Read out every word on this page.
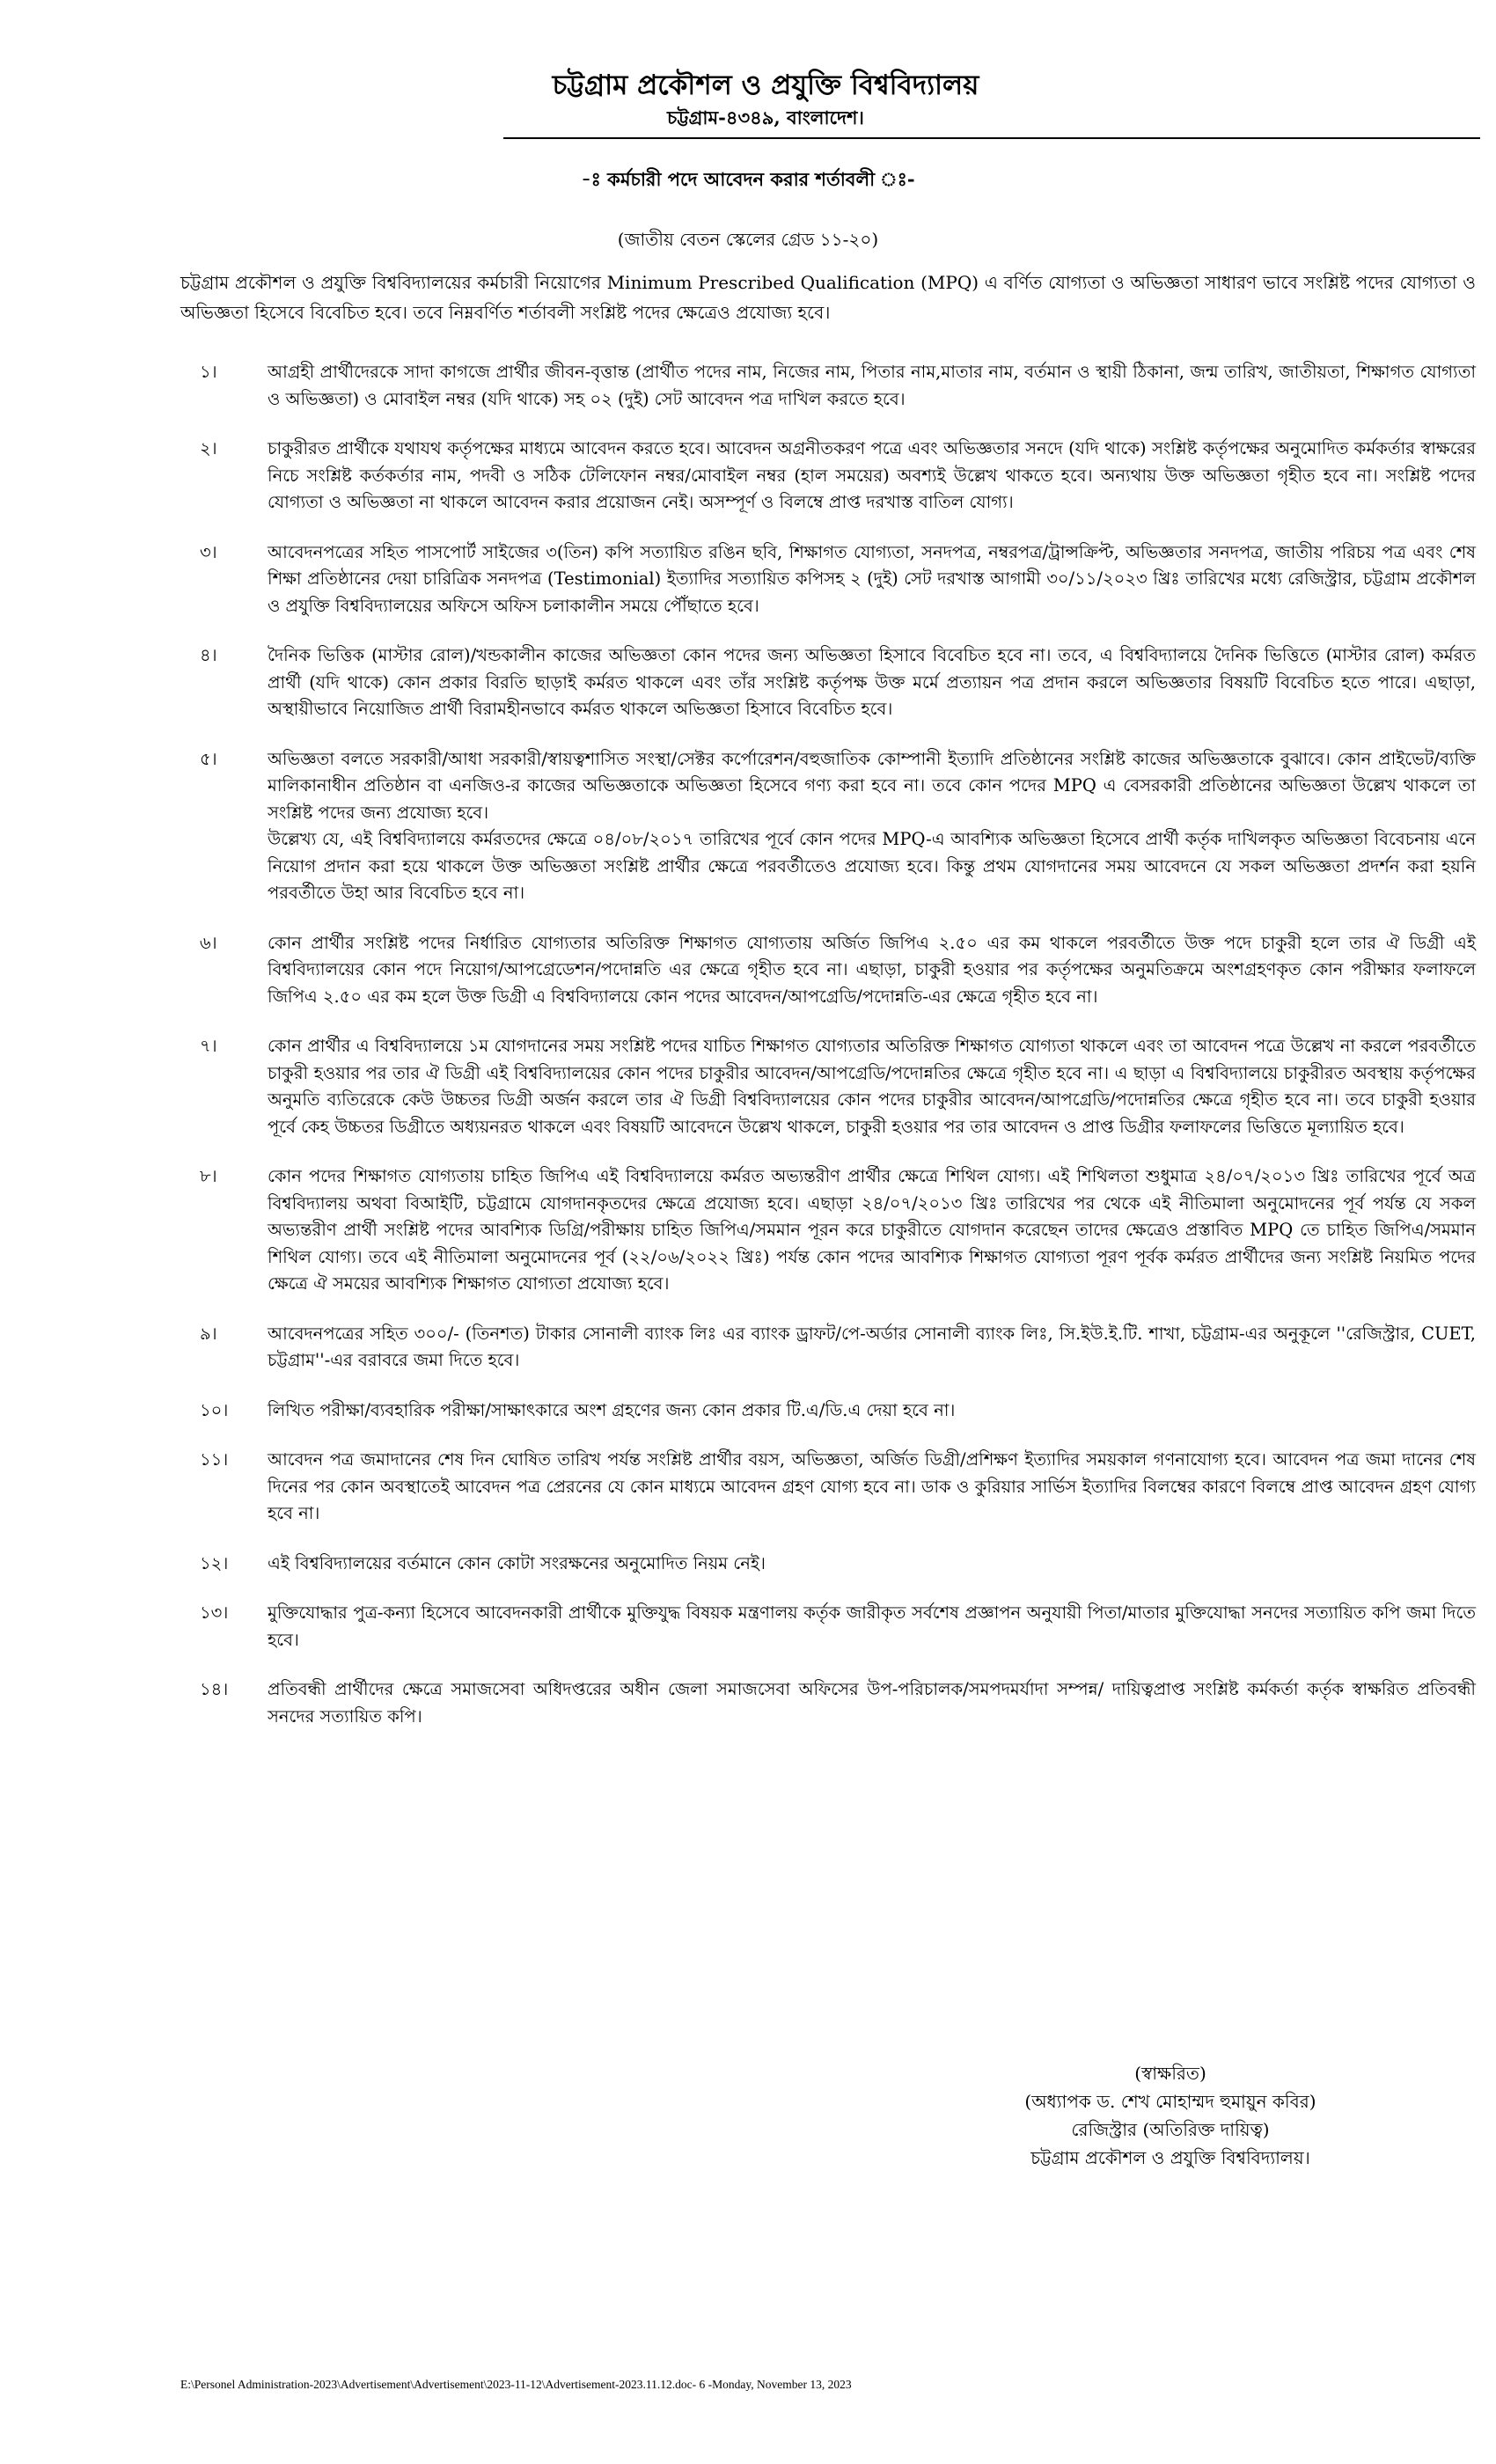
চট্টগ্রাম প্রকৌশল ও প্রযুক্তি বিশ্ববিদ্যালয়
চট্টগ্রাম-৪৩৪৯, বাংলাদেশ।
-ঃ কর্মচারী পদে আবেদন করার শর্তাবলী ঃ-
(জাতীয় বেতন স্কেলের গ্রেড ১১-২০)
চট্টগ্রাম প্রকৌশল ও প্রযুক্তি বিশ্ববিদ্যালয়ের কর্মচারী নিয়োগের Minimum Prescribed Qualification (MPQ) এ বর্ণিত যোগ্যতা ও অভিজ্ঞতা সাধারণ ভাবে সংশ্লিষ্ট পদের যোগ্যতা ও অভিজ্ঞতা হিসেবে বিবেচিত হবে। তবে নিম্নবর্ণিত শর্তাবলী সংশ্লিষ্ট পদের ক্ষেত্রেও প্রযোজ্য হবে।
১।	আগ্রহী প্রার্থীদেরকে সাদা কাগজে প্রার্থীর জীবন-বৃত্তান্ত (প্রার্থীত পদের নাম, নিজের নাম, পিতার নাম,মাতার নাম, বর্তমান ও স্থায়ী ঠিকানা, জন্ম তারিখ, জাতীয়তা, শিক্ষাগত যোগ্যতা ও অভিজ্ঞতা) ও মোবাইল নম্বর (যদি থাকে) সহ ০২ (দুই) সেট আবেদন পত্র দাখিল করতে হবে।
২।	চাকুরীরত প্রার্থীকে যথাযথ কর্তৃপক্ষের মাধ্যমে আবেদন করতে হবে। আবেদন অগ্রনীতকরণ পত্রে এবং অভিজ্ঞতার সনদে (যদি থাকে) সংশ্লিষ্ট কর্তৃপক্ষের অনুমোদিত কর্মকর্তার স্বাক্ষরের নিচে সংশ্লিষ্ট কর্তকর্তার নাম, পদবী ও সঠিক টেলিফোন নম্বর/মোবাইল নম্বর (হাল সময়ের) অবশ্যই উল্লেখ থাকতে হবে। অন্যথায় উক্ত অভিজ্ঞতা গৃহীত হবে না। সংশ্লিষ্ট পদের যোগ্যতা ও অভিজ্ঞতা না থাকলে আবেদন করার প্রয়োজন নেই। অসম্পূর্ণ ও বিলম্বে প্রাপ্ত দরখাস্ত বাতিল যোগ্য।
৩।	আবেদনপত্রের সহিত পাসপোর্ট সাইজের ৩(তিন) কপি সত্যায়িত রঙিন ছবি, শিক্ষাগত যোগ্যতা, সনদপত্র, নম্বরপত্র/ট্রান্সক্রিপ্ট, অভিজ্ঞতার সনদপত্র, জাতীয় পরিচয় পত্র এবং শেষ শিক্ষা প্রতিষ্ঠানের দেয়া চারিত্রিক সনদপত্র (Testimonial) ইত্যাদির সত্যায়িত কপিসহ ২ (দুই) সেট দরখাস্ত আগামী ৩০/১১/২০২৩ খ্রিঃ তারিখের মধ্যে রেজিস্ট্রার, চট্টগ্রাম প্রকৌশল ও প্রযুক্তি বিশ্ববিদ্যালয়ের অফিসে অফিস চলাকালীন সময়ে পৌঁছাতে হবে।
৪।	দৈনিক ভিত্তিক (মাস্টার রোল)/খন্ডকালীন কাজের অভিজ্ঞতা কোন পদের জন্য অভিজ্ঞতা হিসাবে বিবেচিত হবে না। তবে, এ বিশ্ববিদ্যালয়ে দৈনিক ভিত্তিতে (মাস্টার রোল) কর্মরত প্রার্থী (যদি থাকে) কোন প্রকার বিরতি ছাড়াই কর্মরত থাকলে এবং তাঁর সংশ্লিষ্ট কর্তৃপক্ষ উক্ত মর্মে প্রত্যায়ন পত্র প্রদান করলে অভিজ্ঞতার বিষয়টি বিবেচিত হতে পারে। এছাড়া, অস্থায়ীভাবে নিয়োজিত প্রার্থী বিরামহীনভাবে কর্মরত থাকলে অভিজ্ঞতা হিসাবে বিবেচিত হবে।
৫।	অভিজ্ঞতা বলতে সরকারী/আধা সরকারী/স্বায়ত্বশাসিত সংস্থা/সেক্টর কর্পোরেশন/বহুজাতিক কোম্পানী ইত্যাদি প্রতিষ্ঠানের সংশ্লিষ্ট কাজের অভিজ্ঞতাকে বুঝাবে। কোন প্রাইভেট/ব্যক্তি মালিকানাধীন প্রতিষ্ঠান বা এনজিও-র কাজের অভিজ্ঞতাকে অভিজ্ঞতা হিসেবে গণ্য করা হবে না। তবে কোন পদের MPQ এ বেসরকারী প্রতিষ্ঠানের অভিজ্ঞতা উল্লেখ থাকলে তা সংশ্লিষ্ট পদের জন্য প্রযোজ্য হবে।
উল্লেখ্য যে, এই বিশ্ববিদ্যালয়ে কর্মরতদের ক্ষেত্রে ০৪/০৮/২০১৭ তারিখের পূর্বে কোন পদের MPQ-এ আবশ্যিক অভিজ্ঞতা হিসেবে প্রার্থী কর্তৃক দাখিলকৃত অভিজ্ঞতা বিবেচনায় এনে নিয়োগ প্রদান করা হয়ে থাকলে উক্ত অভিজ্ঞতা সংশ্লিষ্ট প্রার্থীর ক্ষেত্রে পরবর্তীতেও প্রযোজ্য হবে। কিন্তু প্রথম যোগদানের সময় আবেদনে যে সকল অভিজ্ঞতা প্রদর্শন করা হয়নি পরবর্তীতে উহা আর বিবেচিত হবে না।
৬।	কোন প্রার্থীর সংশ্লিষ্ট পদের নির্ধারিত যোগ্যতার অতিরিক্ত শিক্ষাগত যোগ্যতায় অর্জিত জিপিএ ২.৫০ এর কম থাকলে পরবর্তীতে উক্ত পদে চাকুরী হলে তার ঐ ডিগ্রী এই বিশ্ববিদ্যালয়ের কোন পদে নিয়োগ/আপগ্রেডেশন/পদোন্নতি এর ক্ষেত্রে গৃহীত হবে না। এছাড়া, চাকুরী হওয়ার পর কর্তৃপক্ষের অনুমতিক্রমে অংশগ্রহণকৃত কোন পরীক্ষার ফলাফলে জিপিএ ২.৫০ এর কম হলে উক্ত ডিগ্রী এ বিশ্ববিদ্যালয়ে কোন পদের আবেদন/আপগ্রেডি/পদোন্নতি-এর ক্ষেত্রে গৃহীত হবে না।
৭।	কোন প্রার্থীর এ বিশ্ববিদ্যালয়ে ১ম যোগদানের সময় সংশ্লিষ্ট পদের যাচিত শিক্ষাগত যোগ্যতার অতিরিক্ত শিক্ষাগত যোগ্যতা থাকলে এবং তা আবেদন পত্রে উল্লেখ না করলে পরবর্তীতে চাকুরী হওয়ার পর তার ঐ ডিগ্রী এই বিশ্ববিদ্যালয়ের কোন পদের চাকুরীর আবেদন/আপগ্রেডি/পদোন্নতির ক্ষেত্রে গৃহীত হবে না। এ ছাড়া এ বিশ্ববিদ্যালয়ে চাকুরীরত অবস্থায় কর্তৃপক্ষের অনুমতি ব্যতিরেকে কেউ উচ্চতর ডিগ্রী অর্জন করলে তার ঐ ডিগ্রী বিশ্ববিদ্যালয়ের কোন পদের চাকুরীর আবেদন/আপগ্রেডি/পদোন্নতির ক্ষেত্রে গৃহীত হবে না। তবে চাকুরী হওয়ার পূর্বে কেহ উচ্চতর ডিগ্রীতে অধ্যয়নরত থাকলে এবং বিষয়টি আবেদনে উল্লেখ থাকলে, চাকুরী হওয়ার পর তার আবেদন ও প্রাপ্ত ডিগ্রীর ফলাফলের ভিত্তিতে মূল্যায়িত হবে।
৮।	কোন পদের শিক্ষাগত যোগ্যতায় চাহিত জিপিএ এই বিশ্ববিদ্যালয়ে কর্মরত অভ্যন্তরীণ প্রার্থীর ক্ষেত্রে শিথিল যোগ্য। এই শিথিলতা শুধুমাত্র ২৪/০৭/২০১৩ খ্রিঃ তারিখের পূর্বে অত্র বিশ্ববিদ্যালয় অথবা বিআইটি, চট্টগ্রামে যোগদানকৃতদের ক্ষেত্রে প্রযোজ্য হবে। এছাড়া ২৪/০৭/২০১৩ খ্রিঃ তারিখের পর থেকে এই নীতিমালা অনুমোদনের পূর্ব পর্যন্ত যে সকল অভ্যন্তরীণ প্রার্থী সংশ্লিষ্ট পদের আবশ্যিক ডিগ্রি/পরীক্ষায় চাহিত জিপিএ/সমমান পূরন করে চাকুরীতে যোগদান করেছেন তাদের ক্ষেত্রেও প্রস্তাবিত MPQ তে চাহিত জিপিএ/সমমান শিথিল যোগ্য। তবে এই নীতিমালা অনুমোদনের পূর্ব (২২/০৬/২০২২ খ্রিঃ) পর্যন্ত কোন পদের আবশ্যিক শিক্ষাগত যোগ্যতা পূরণ পূর্বক কর্মরত প্রার্থীদের জন্য সংশ্লিষ্ট নিয়মিত পদের ক্ষেত্রে ঐ সময়ের আবশ্যিক শিক্ষাগত যোগ্যতা প্রযোজ্য হবে।
৯।	আবেদনপত্রের সহিত ৩০০/- (তিনশত) টাকার সোনালী ব্যাংক লিঃ এর ব্যাংক ড্রাফট/পে-অর্ডার সোনালী ব্যাংক লিঃ, সি.ইউ.ই.টি. শাখা, চট্টগ্রাম-এর অনুকূলে ''রেজিস্ট্রার, CUET, চট্টগ্রাম''-এর বরাবরে জমা দিতে হবে।
১০।	লিখিত পরীক্ষা/ব্যবহারিক পরীক্ষা/সাক্ষাৎকারে অংশ গ্রহণের জন্য কোন প্রকার টি.এ/ডি.এ দেয়া হবে না।
১১।	আবেদন পত্র জমাদানের শেষ দিন ঘোষিত তারিখ পর্যন্ত সংশ্লিষ্ট প্রার্থীর বয়স, অভিজ্ঞতা, অর্জিত ডিগ্রী/প্রশিক্ষণ ইত্যাদির সময়কাল গণনাযোগ্য হবে। আবেদন পত্র জমা দানের শেষ দিনের পর কোন অবস্থাতেই আবেদন পত্র প্রেরনের যে কোন মাধ্যমে আবেদন গ্রহণ যোগ্য হবে না। ডাক ও কুরিয়ার সার্ভিস ইত্যাদির বিলম্বের কারণে বিলম্বে প্রাপ্ত আবেদন গ্রহণ যোগ্য হবে না।
১২।	এই বিশ্ববিদ্যালয়ের বর্তমানে কোন কোটা সংরক্ষনের অনুমোদিত নিয়ম নেই।
১৩।	মুক্তিযোদ্ধার পুত্র-কন্যা হিসেবে আবেদনকারী প্রার্থীকে মুক্তিযুদ্ধ বিষয়ক মন্ত্রণালয় কর্তৃক জারীকৃত সর্বশেষ প্রজ্ঞাপন অনুযায়ী পিতা/মাতার মুক্তিযোদ্ধা সনদের সত্যায়িত কপি জমা দিতে হবে।
১৪।	প্রতিবন্ধী প্রার্থীদের ক্ষেত্রে সমাজসেবা অধিদপ্তরের অধীন জেলা সমাজসেবা অফিসের উপ-পরিচালক/সমপদমর্যাদা সম্পন্ন/ দায়িত্বপ্রাপ্ত সংশ্লিষ্ট কর্মকর্তা কর্তৃক স্বাক্ষরিত প্রতিবন্ধী সনদের সত্যায়িত কপি।
(স্বাক্ষরিত)
(অধ্যাপক ড. শেখ মোহাম্মদ হুমায়ুন কবির)
রেজিস্ট্রার (অতিরিক্ত দায়িত্ব)
চট্টগ্রাম প্রকৌশল ও প্রযুক্তি বিশ্ববিদ্যালয়।
E:\Personel Administration-2023\Advertisement\Advertisement\2023-11-12\Advertisement-2023.11.12.doc- 6 -Monday, November 13, 2023
